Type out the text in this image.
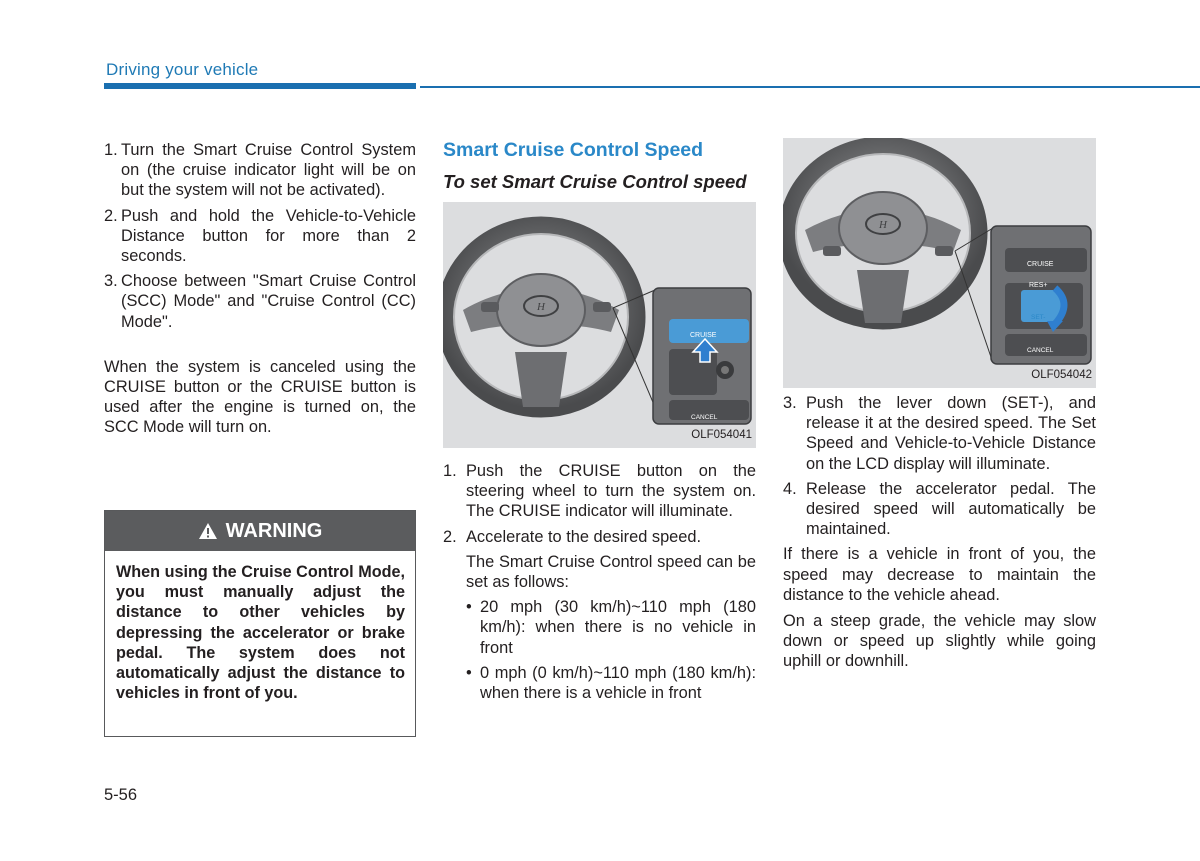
Driving your vehicle
1. Turn the Smart Cruise Control System on (the cruise indicator light will be on but the system will not be activated).
2. Push and hold the Vehicle-to-Vehicle Distance button for more than 2 seconds.
3. Choose between "Smart Cruise Control (SCC) Mode" and "Cruise Control (CC) Mode".
When the system is canceled using the CRUISE button or the CRUISE button is used after the engine is turned on, the SCC Mode will turn on.
WARNING
When using the Cruise Control Mode, you must manually adjust the distance to other vehicles by depressing the accelerator or brake pedal. The system does not automatically adjust the distance to vehicles in front of you.
Smart Cruise Control Speed
To set Smart Cruise Control speed
H
CRUISE
CANCEL
OLF054041
1. Push the CRUISE button on the steering wheel to turn the system on. The CRUISE indicator will illuminate.
2. Accelerate to the desired speed.
The Smart Cruise Control speed can be set as follows:
• 20 mph (30 km/h)~110 mph (180 km/h): when there is no vehicle in front
• 0 mph (0 km/h)~110 mph (180 km/h): when there is a vehicle in front
H
CRUISE
RES+
SET-
CANCEL
OLF054042
3. Push the lever down (SET-), and release it at the desired speed. The Set Speed and Vehicle-to-Vehicle Distance on the LCD display will illuminate.
4. Release the accelerator pedal. The desired speed will automatically be maintained.
If there is a vehicle in front of you, the speed may decrease to maintain the distance to the vehicle ahead.
On a steep grade, the vehicle may slow down or speed up slightly while going uphill or downhill.
5-56
